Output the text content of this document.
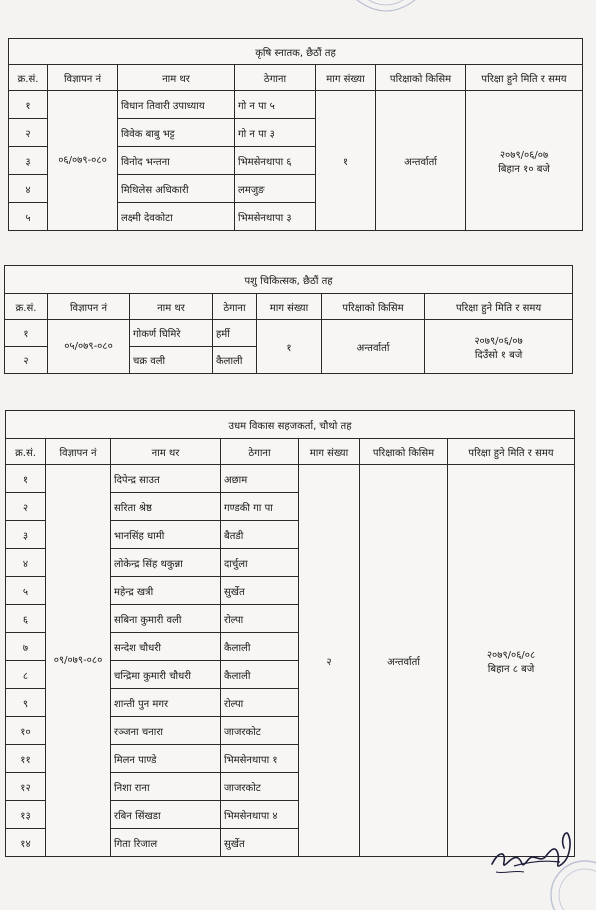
कृषि स्नातक, छैठौं तह						
क्र.सं.	विज्ञापन नं	नाम थर	ठेगाना	माग संख्या	परिक्षाको किसिम	परिक्षा हुने मिति र समय
१	०६/०७९-०८०	विधान तिवारी उपाध्याय	गो न पा ५	१	अन्तर्वार्ता	२०७९/०६/०७
बिहान १० बजे

२		विवेक बाबु भट्ट	गो न पा ३			
३		विनोद भन्तना	भिमसेनथापा ६			
४		मिथिलेस अधिकारी	लमजुङ			
५		लक्ष्मी देवकोटा	भिमसेनथापा ३			
पशु चिकित्सक, छैठौं तह						
क्र.सं.	विज्ञापन नं	नाम थर	ठेगाना	माग संख्या	परिक्षाको किसिम	परिक्षा हुने मिति र समय
१	०५/०७९-०८०	गोकर्ण घिमिरे	हर्मी	१	अन्तर्वार्ता	२०७९/०६/०७
दिउँसो १ बजे

२		चक्र वली	कैलाली			
उधम विकास सहजकर्ता, चौथो तह						
क्र.सं.	विज्ञापन नं	नाम थर	ठेगाना	माग संख्या	परिक्षाको किसिम	परिक्षा हुने मिति र समय
१	०९/०७९-०८०	दिपेन्द्र साउत	अछाम	२	अन्तर्वार्ता	२०७९/०६/०८
बिहान ८ बजे

२		सरिता श्रेष्ठ	गण्डकी गा पा			
३		भानसिंह धामी	बैतडी			
४		लोकेन्द्र सिंह थकुन्ना	दार्चुला			
५		महेन्द्र खत्री	सुर्खेत			
६		सबिना कुमारी वली	रोल्पा			
७		सन्देश चौधरी	कैलाली			
८		चन्द्रिमा कुमारी चौधरी	कैलाली			
९		शान्ती पुन मगर	रोल्पा			
१०		रञ्जना चनारा	जाजरकोट			
११		मिलन पाण्डे	भिमसेनथापा १			
१२		निशा राना	जाजरकोट			
१३		रबिन सिंखडा	भिमसेनथापा ४			
१४		गिता रिजाल	सुर्खेत			
